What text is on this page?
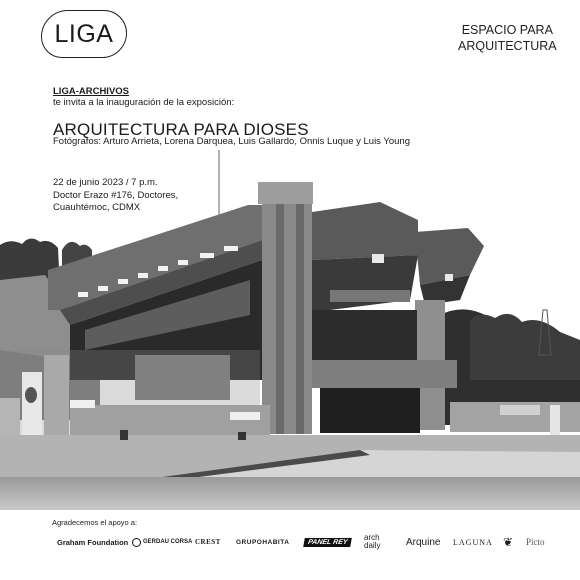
LIGA	ESPACIO PARA
ARQUITECTURA
LIGA-ARCHIVOS
te invita a la inauguración de la exposición:
ARQUITECTURA PARA DIOSES
Fotógrafos: Arturo Arrieta, Lorena Darquea, Luis Gallardo, Onnis Luque y Luis Young
22 de junio 2023 / 7 p.m.
Doctor Erazo #176, Doctores,
Cuauhtémoc, CDMX
Agradecemos el apoyo a:
Graham Foundation GERDAU CORSA CREST GRUPOHABITA	PANEL REY	arch
daily	Arquine LAGUNA ❦ Picto
